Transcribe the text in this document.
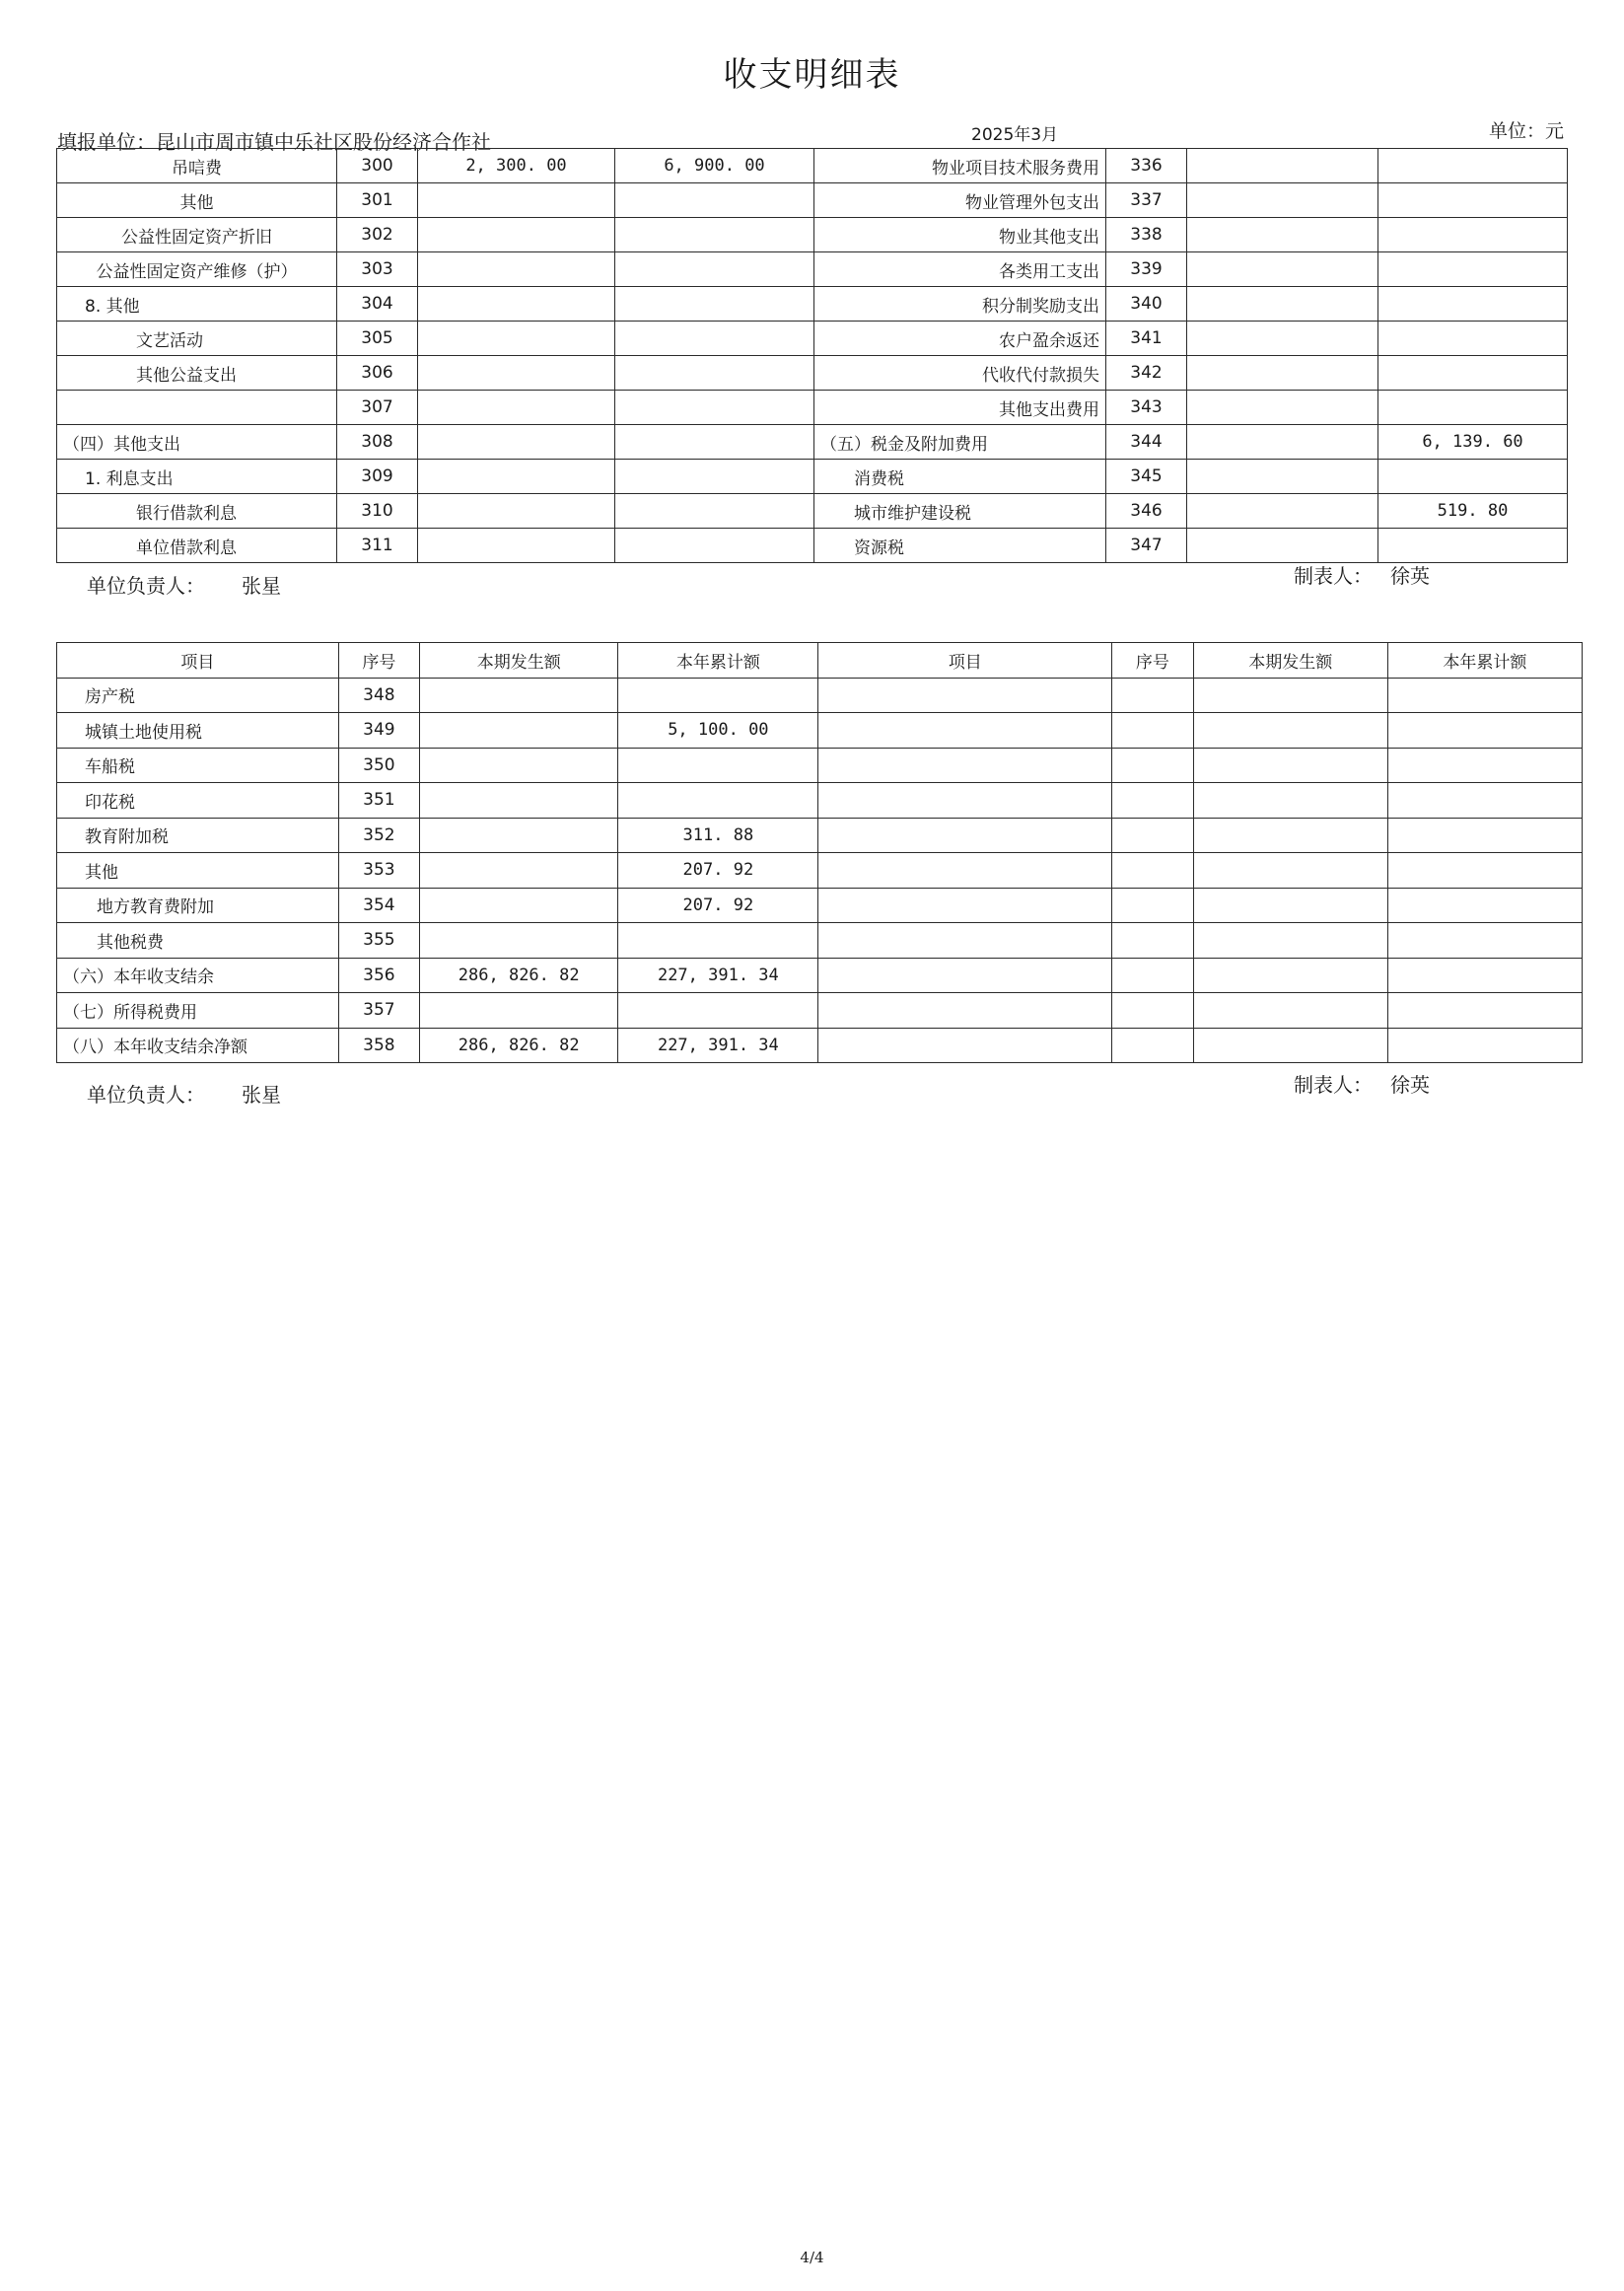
收支明细表
填报单位：昆山市周市镇中乐社区股份经济合作社	2025年3月	单位：元
吊唁费	300	2, 300. 00	6, 900. 00	物业项目技术服务费用	336		
其他	301			物业管理外包支出	337		
公益性固定资产折旧	302			物业其他支出	338		
公益性固定资产维修（护）	303			各类用工支出	339		
8. 其他	304			积分制奖励支出	340		
文艺活动	305			农户盈余返还	341		
其他公益支出	306			代收代付款损失	342		
	307			其他支出费用	343		
（四）其他支出	308			（五）税金及附加费用	344		6, 139. 60
1. 利息支出	309			消费税	345		
银行借款利息	310			城市维护建设税	346		519. 80
单位借款利息	311			资源税	347		
单位负责人： 张星	制表人： 徐英
项目	序号	本期发生额	本年累计额	项目	序号	本期发生额	本年累计额
房产税	348						
城镇土地使用税	349		5, 100. 00				
车船税	350						
印花税	351						
教育附加税	352		311. 88				
其他	353		207. 92				
地方教育费附加	354		207. 92				
其他税费	355						
（六）本年收支结余	356	286, 826. 82	227, 391. 34				
（七）所得税费用	357						
（八）本年收支结余净额	358	286, 826. 82	227, 391. 34				
单位负责人： 张星	制表人： 徐英
4/4
